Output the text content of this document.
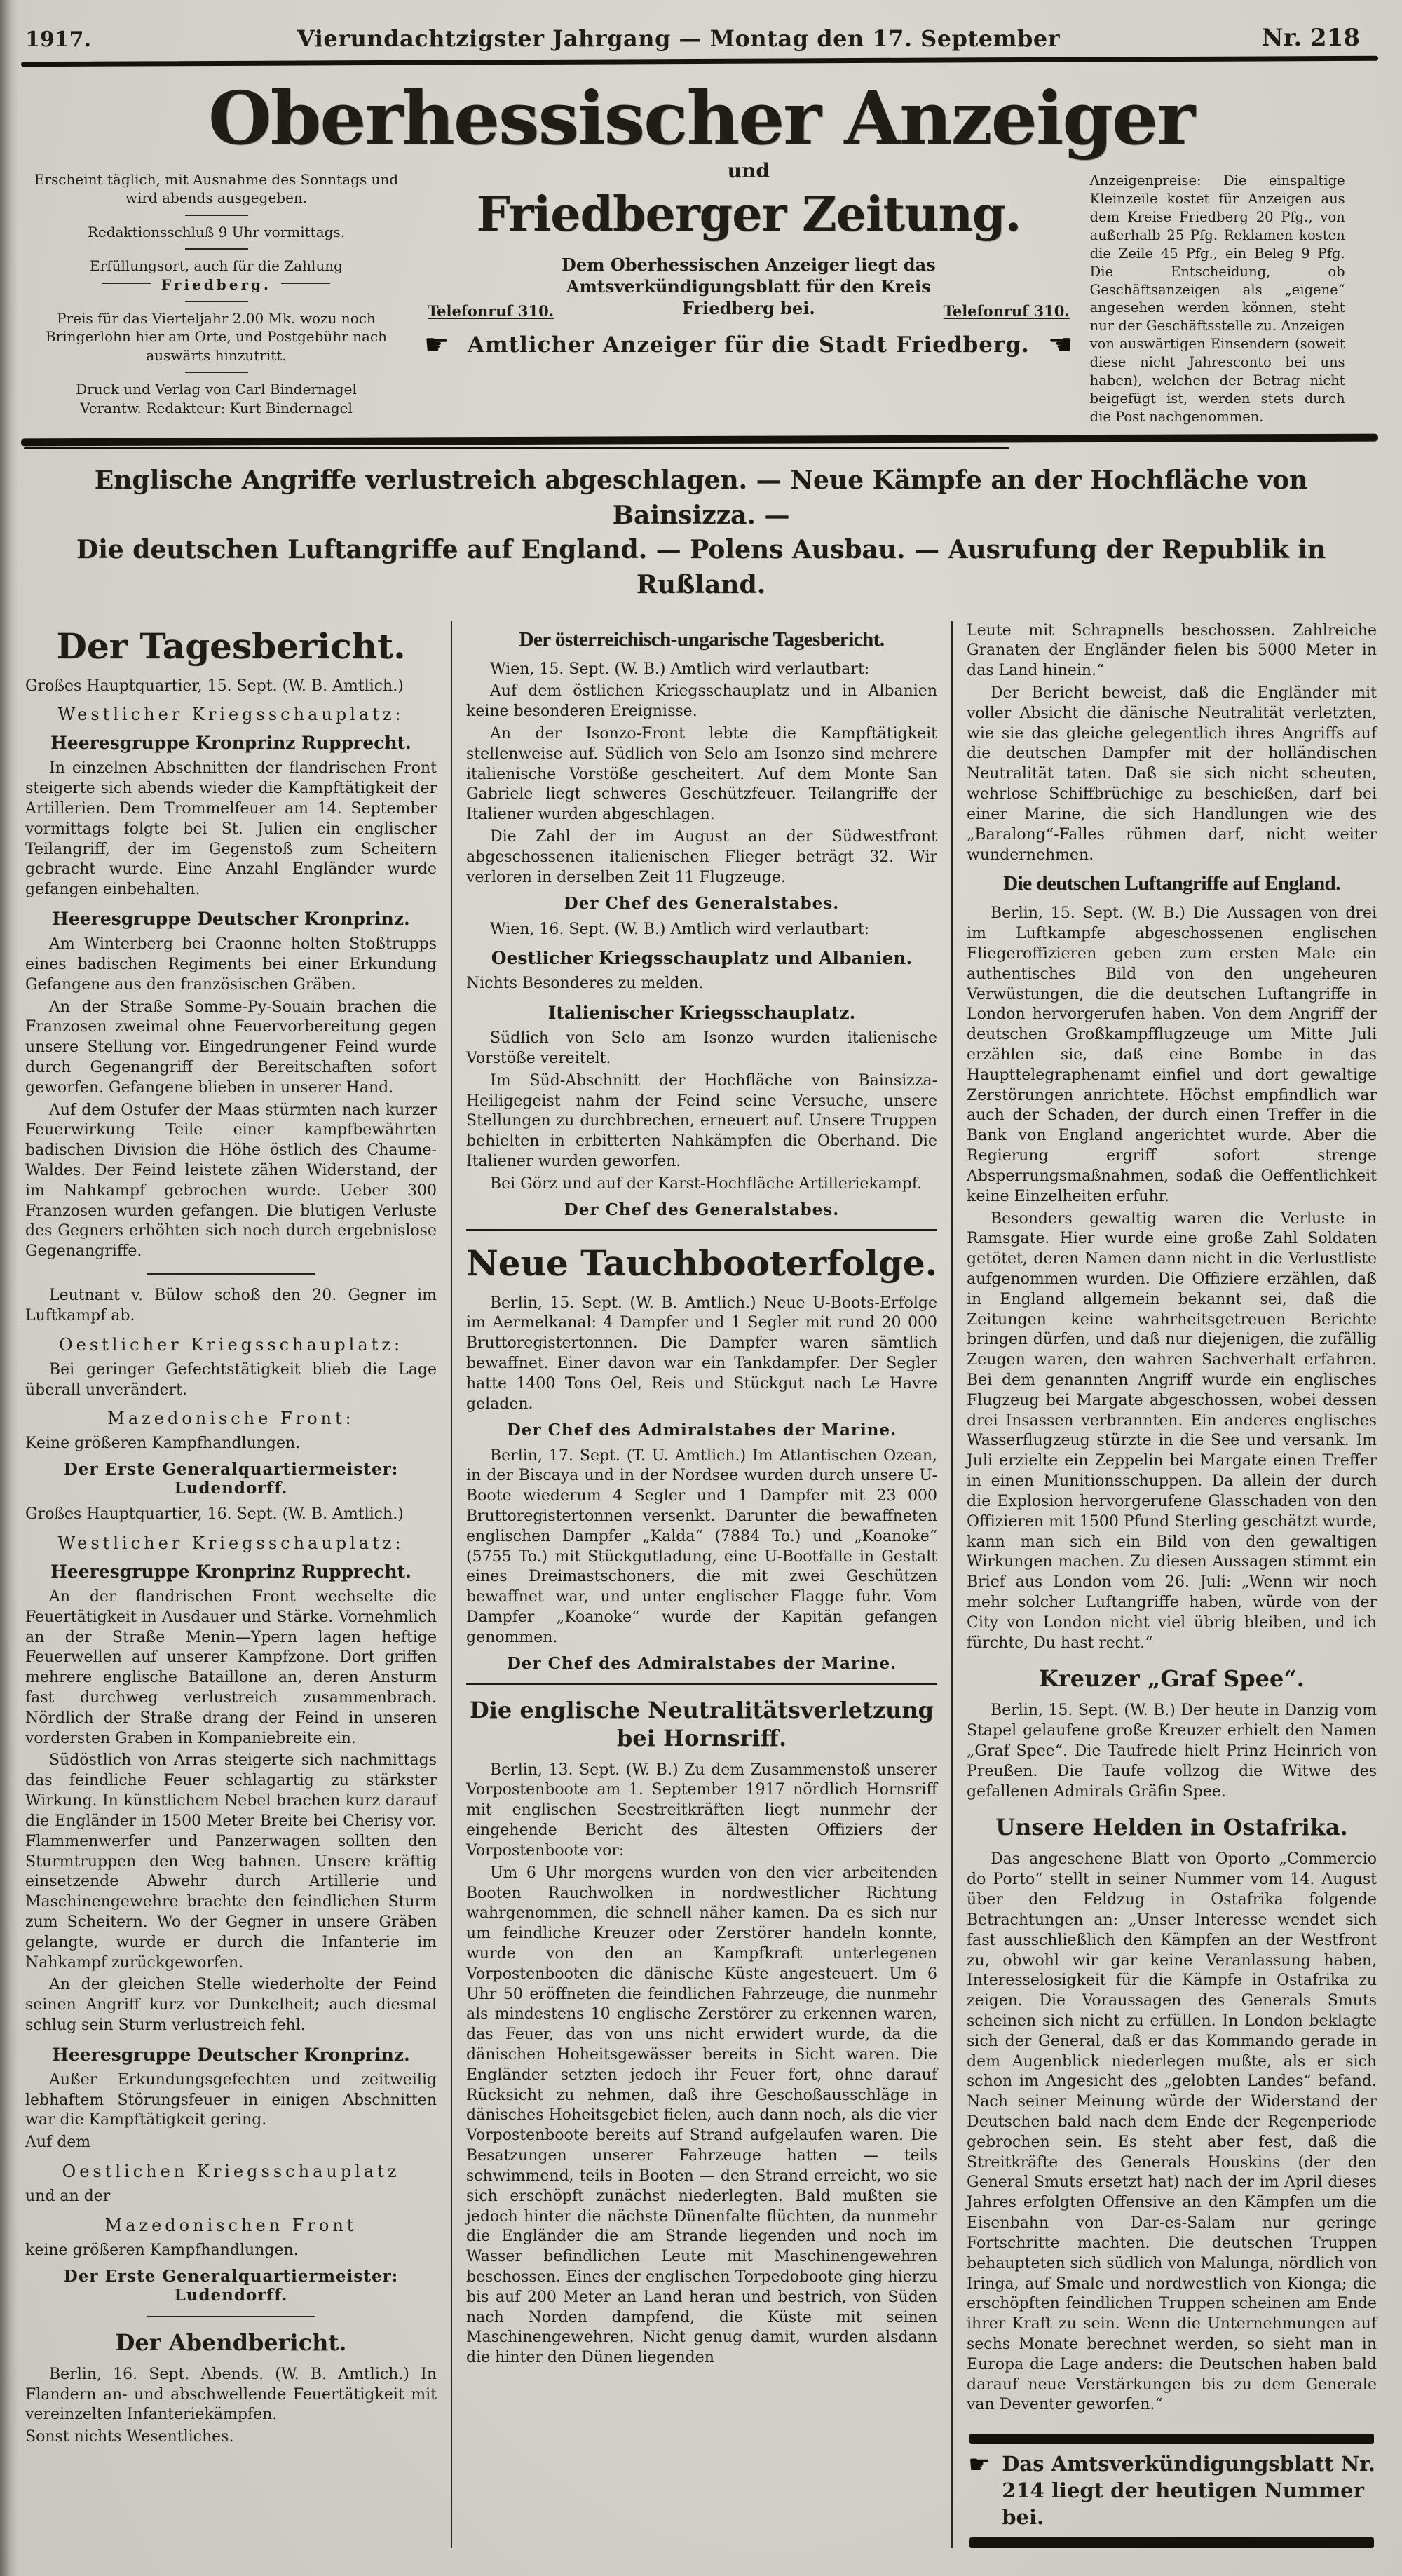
1917.	Vierundachtzigster Jahrgang — Montag den 17. September	Nr. 218
Oberhessischer Anzeiger
Erscheint täglich, mit Ausnahme des Sonntags und wird abends ausgegeben.
Redaktionsschluß 9 Uhr vormittags.
Erfüllungsort, auch für die Zahlung
Friedberg.
Preis für das Vierteljahr 2.00 Mk. wozu noch Bringerlohn hier am Orte, und Postgebühr nach auswärts hinzutritt.
Druck und Verlag von Carl Bindernagel
Verantw. Redakteur: Kurt Bindernagel
und
Friedberger Zeitung.
Telefonruf 310.
Dem Oberhessischen Anzeiger liegt das Amtsverkündigungsblatt für den Kreis Friedberg bei.	Telefonruf 310.
☛ Amtlicher Anzeiger für die Stadt Friedberg. ☚
Anzeigenpreise: Die einspaltige Kleinzeile kostet für Anzeigen aus dem Kreise Friedberg 20 Pfg., von außerhalb 25 Pfg. Reklamen kosten die Zeile 45 Pfg., ein Beleg 9 Pfg. Die Entscheidung, ob Geschäftsanzeigen als „eigene“ angesehen werden können, steht nur der Geschäftsstelle zu. Anzeigen von auswärtigen Einsendern (soweit diese nicht Jahresconto bei uns haben), welchen der Betrag nicht beigefügt ist, werden stets durch die Post nachgenommen.
Englische Angriffe verlustreich abgeschlagen. — Neue Kämpfe an der Hochfläche von Bainsizza. —
Die deutschen Luftangriffe auf England. — Polens Ausbau. — Ausrufung der Republik in Rußland.
Der Tagesbericht.
Großes Hauptquartier, 15. Sept. (W. B. Amtlich.)
Westlicher Kriegsschauplatz:
Heeresgruppe Kronprinz Rupprecht.
In einzelnen Abschnitten der flandrischen Front steigerte sich abends wieder die Kampftätigkeit der Artillerien. Dem Trommelfeuer am 14. September vormittags folgte bei St. Julien ein englischer Teilangriff, der im Gegenstoß zum Scheitern gebracht wurde. Eine Anzahl Engländer wurde gefangen einbehalten.
Heeresgruppe Deutscher Kronprinz.
Am Winterberg bei Craonne holten Stoßtrupps eines badischen Regiments bei einer Erkundung Gefangene aus den französischen Gräben.
An der Straße Somme-Py-Souain brachen die Franzosen zweimal ohne Feuervorbereitung gegen unsere Stellung vor. Eingedrungener Feind wurde durch Gegenangriff der Bereitschaften sofort geworfen. Gefangene blieben in unserer Hand.
Auf dem Ostufer der Maas stürmten nach kurzer Feuerwirkung Teile einer kampfbewährten badischen Division die Höhe östlich des Chaume-Waldes. Der Feind leistete zähen Widerstand, der im Nahkampf gebrochen wurde. Ueber 300 Franzosen wurden gefangen. Die blutigen Verluste des Gegners erhöhten sich noch durch ergebnislose Gegenangriffe.
Leutnant v. Bülow schoß den 20. Gegner im Luftkampf ab.
Oestlicher Kriegsschauplatz:
Bei geringer Gefechtstätigkeit blieb die Lage überall unverändert.
Mazedonische Front:
Keine größeren Kampfhandlungen.
Der Erste Generalquartiermeister: Ludendorff.
Großes Hauptquartier, 16. Sept. (W. B. Amtlich.)
Westlicher Kriegsschauplatz:
Heeresgruppe Kronprinz Rupprecht.
An der flandrischen Front wechselte die Feuertätigkeit in Ausdauer und Stärke. Vornehmlich an der Straße Menin—Ypern lagen heftige Feuerwellen auf unserer Kampfzone. Dort griffen mehrere englische Bataillone an, deren Ansturm fast durchweg verlustreich zusammenbrach. Nördlich der Straße drang der Feind in unseren vordersten Graben in Kompaniebreite ein.
Südöstlich von Arras steigerte sich nachmittags das feindliche Feuer schlagartig zu stärkster Wirkung. In künstlichem Nebel brachen kurz darauf die Engländer in 1500 Meter Breite bei Cherisy vor. Flammenwerfer und Panzerwagen sollten den Sturmtruppen den Weg bahnen. Unsere kräftig einsetzende Abwehr durch Artillerie und Maschinengewehre brachte den feindlichen Sturm zum Scheitern. Wo der Gegner in unsere Gräben gelangte, wurde er durch die Infanterie im Nahkampf zurückgeworfen.
An der gleichen Stelle wiederholte der Feind seinen Angriff kurz vor Dunkelheit; auch diesmal schlug sein Sturm verlustreich fehl.
Heeresgruppe Deutscher Kronprinz.
Außer Erkundungsgefechten und zeitweilig lebhaftem Störungsfeuer in einigen Abschnitten war die Kampftätigkeit gering.
Auf dem
Oestlichen Kriegsschauplatz
und an der
Mazedonischen Front
keine größeren Kampfhandlungen.
Der Erste Generalquartiermeister: Ludendorff.
Der Abendbericht.
Berlin, 16. Sept. Abends. (W. B. Amtlich.) In Flandern an- und abschwellende Feuertätigkeit mit vereinzelten Infanteriekämpfen.
Sonst nichts Wesentliches.
Der österreichisch-ungarische Tagesbericht.
Wien, 15. Sept. (W. B.) Amtlich wird verlautbart:
Auf dem östlichen Kriegsschauplatz und in Albanien keine besonderen Ereignisse.
An der Isonzo-Front lebte die Kampftätigkeit stellenweise auf. Südlich von Selo am Isonzo sind mehrere italienische Vorstöße gescheitert. Auf dem Monte San Gabriele liegt schweres Geschützfeuer. Teilangriffe der Italiener wurden abgeschlagen.
Die Zahl der im August an der Südwestfront abgeschossenen italienischen Flieger beträgt 32. Wir verloren in derselben Zeit 11 Flugzeuge.
Der Chef des Generalstabes.
Wien, 16. Sept. (W. B.) Amtlich wird verlautbart:
Oestlicher Kriegsschauplatz und Albanien.
Nichts Besonderes zu melden.
Italienischer Kriegsschauplatz.
Südlich von Selo am Isonzo wurden italienische Vorstöße vereitelt.
Im Süd-Abschnitt der Hochfläche von Bainsizza-Heiligegeist nahm der Feind seine Versuche, unsere Stellungen zu durchbrechen, erneuert auf. Unsere Truppen behielten in erbitterten Nahkämpfen die Oberhand. Die Italiener wurden geworfen.
Bei Görz und auf der Karst-Hochfläche Artilleriekampf.
Der Chef des Generalstabes.
Neue Tauchbooterfolge.
Berlin, 15. Sept. (W. B. Amtlich.) Neue U-Boots-Erfolge im Aermelkanal: 4 Dampfer und 1 Segler mit rund 20 000 Bruttoregistertonnen. Die Dampfer waren sämtlich bewaffnet. Einer davon war ein Tankdampfer. Der Segler hatte 1400 Tons Oel, Reis und Stückgut nach Le Havre geladen.
Der Chef des Admiralstabes der Marine.
Berlin, 17. Sept. (T. U. Amtlich.) Im Atlantischen Ozean, in der Biscaya und in der Nordsee wurden durch unsere U-Boote wiederum 4 Segler und 1 Dampfer mit 23 000 Bruttoregistertonnen versenkt. Darunter die bewaffneten englischen Dampfer „Kalda“ (7884 To.) und „Koanoke“ (5755 To.) mit Stückgutladung, eine U-Bootfalle in Gestalt eines Dreimastschoners, die mit zwei Geschützen bewaffnet war, und unter englischer Flagge fuhr. Vom Dampfer „Koanoke“ wurde der Kapitän gefangen genommen.
Der Chef des Admiralstabes der Marine.
Die englische Neutralitätsverletzung bei Hornsriff.
Berlin, 13. Sept. (W. B.) Zu dem Zusammenstoß unserer Vorpostenboote am 1. September 1917 nördlich Hornsriff mit englischen Seestreitkräften liegt nunmehr der eingehende Bericht des ältesten Offiziers der Vorpostenboote vor:
Um 6 Uhr morgens wurden von den vier arbeitenden Booten Rauchwolken in nordwestlicher Richtung wahrgenommen, die schnell näher kamen. Da es sich nur um feindliche Kreuzer oder Zerstörer handeln konnte, wurde von den an Kampfkraft unterlegenen Vorpostenbooten die dänische Küste angesteuert. Um 6 Uhr 50 eröffneten die feindlichen Fahrzeuge, die nunmehr als mindestens 10 englische Zerstörer zu erkennen waren, das Feuer, das von uns nicht erwidert wurde, da die dänischen Hoheitsgewässer bereits in Sicht waren. Die Engländer setzten jedoch ihr Feuer fort, ohne darauf Rücksicht zu nehmen, daß ihre Geschoßausschläge in dänisches Hoheitsgebiet fielen, auch dann noch, als die vier Vorpostenboote bereits auf Strand aufgelaufen waren. Die Besatzungen unserer Fahrzeuge hatten — teils schwimmend, teils in Booten — den Strand erreicht, wo sie sich erschöpft zunächst niederlegten. Bald mußten sie jedoch hinter die nächste Dünenfalte flüchten, da nunmehr die Engländer die am Strande liegenden und noch im Wasser befindlichen Leute mit Maschinengewehren beschossen. Eines der englischen Torpedoboote ging hierzu bis auf 200 Meter an Land heran und bestrich, von Süden nach Norden dampfend, die Küste mit seinen Maschinengewehren. Nicht genug damit, wurden alsdann die hinter den Dünen liegenden
Leute mit Schrapnells beschossen. Zahlreiche Granaten der Engländer fielen bis 5000 Meter in das Land hinein.“
Der Bericht beweist, daß die Engländer mit voller Absicht die dänische Neutralität verletzten, wie sie das gleiche gelegentlich ihres Angriffs auf die deutschen Dampfer mit der holländischen Neutralität taten. Daß sie sich nicht scheuten, wehrlose Schiffbrüchige zu beschießen, darf bei einer Marine, die sich Handlungen wie des „Baralong“-Falles rühmen darf, nicht weiter wundernehmen.
Die deutschen Luftangriffe auf England.
Berlin, 15. Sept. (W. B.) Die Aussagen von drei im Luftkampfe abgeschossenen englischen Fliegeroffizieren geben zum ersten Male ein authentisches Bild von den ungeheuren Verwüstungen, die die deutschen Luftangriffe in London hervorgerufen haben. Von dem Angriff der deutschen Großkampfflugzeuge um Mitte Juli erzählen sie, daß eine Bombe in das Haupttelegraphenamt einfiel und dort gewaltige Zerstörungen anrichtete. Höchst empfindlich war auch der Schaden, der durch einen Treffer in die Bank von England angerichtet wurde. Aber die Regierung ergriff sofort strenge Absperrungsmaßnahmen, sodaß die Oeffentlichkeit keine Einzelheiten erfuhr.
Besonders gewaltig waren die Verluste in Ramsgate. Hier wurde eine große Zahl Soldaten getötet, deren Namen dann nicht in die Verlustliste aufgenommen wurden. Die Offiziere erzählen, daß in England allgemein bekannt sei, daß die Zeitungen keine wahrheitsgetreuen Berichte bringen dürfen, und daß nur diejenigen, die zufällig Zeugen waren, den wahren Sachverhalt erfahren. Bei dem genannten Angriff wurde ein englisches Flugzeug bei Margate abgeschossen, wobei dessen drei Insassen verbrannten. Ein anderes englisches Wasserflugzeug stürzte in die See und versank. Im Juli erzielte ein Zeppelin bei Margate einen Treffer in einen Munitionsschuppen. Da allein der durch die Explosion hervorgerufene Glasschaden von den Offizieren mit 1500 Pfund Sterling geschätzt wurde, kann man sich ein Bild von den gewaltigen Wirkungen machen. Zu diesen Aussagen stimmt ein Brief aus London vom 26. Juli: „Wenn wir noch mehr solcher Luftangriffe haben, würde von der City von London nicht viel übrig bleiben, und ich fürchte, Du hast recht.“
Kreuzer „Graf Spee“.
Berlin, 15. Sept. (W. B.) Der heute in Danzig vom Stapel gelaufene große Kreuzer erhielt den Namen „Graf Spee“. Die Taufrede hielt Prinz Heinrich von Preußen. Die Taufe vollzog die Witwe des gefallenen Admirals Gräfin Spee.
Unsere Helden in Ostafrika.
Das angesehene Blatt von Oporto „Commercio do Porto“ stellt in seiner Nummer vom 14. August über den Feldzug in Ostafrika folgende Betrachtungen an: „Unser Interesse wendet sich fast ausschließlich den Kämpfen an der Westfront zu, obwohl wir gar keine Veranlassung haben, Interesselosigkeit für die Kämpfe in Ostafrika zu zeigen. Die Voraussagen des Generals Smuts scheinen sich nicht zu erfüllen. In London beklagte sich der General, daß er das Kommando gerade in dem Augenblick niederlegen mußte, als er sich schon im Angesicht des „gelobten Landes“ befand. Nach seiner Meinung würde der Widerstand der Deutschen bald nach dem Ende der Regenperiode gebrochen sein. Es steht aber fest, daß die Streitkräfte des Generals Houskins (der den General Smuts ersetzt hat) nach der im April dieses Jahres erfolgten Offensive an den Kämpfen um die Eisenbahn von Dar-es-Salam nur geringe Fortschritte machten. Die deutschen Truppen behaupteten sich südlich von Malunga, nördlich von Iringa, auf Smale und nordwestlich von Kionga; die erschöpften feindlichen Truppen scheinen am Ende ihrer Kraft zu sein. Wenn die Unternehmungen auf sechs Monate berechnet werden, so sieht man in Europa die Lage anders: die Deutschen haben bald darauf neue Verstärkungen bis zu dem Generale van Deventer geworfen.“
☛ Das Amtsverkündigungsblatt Nr. 214 liegt der heutigen Nummer bei.
